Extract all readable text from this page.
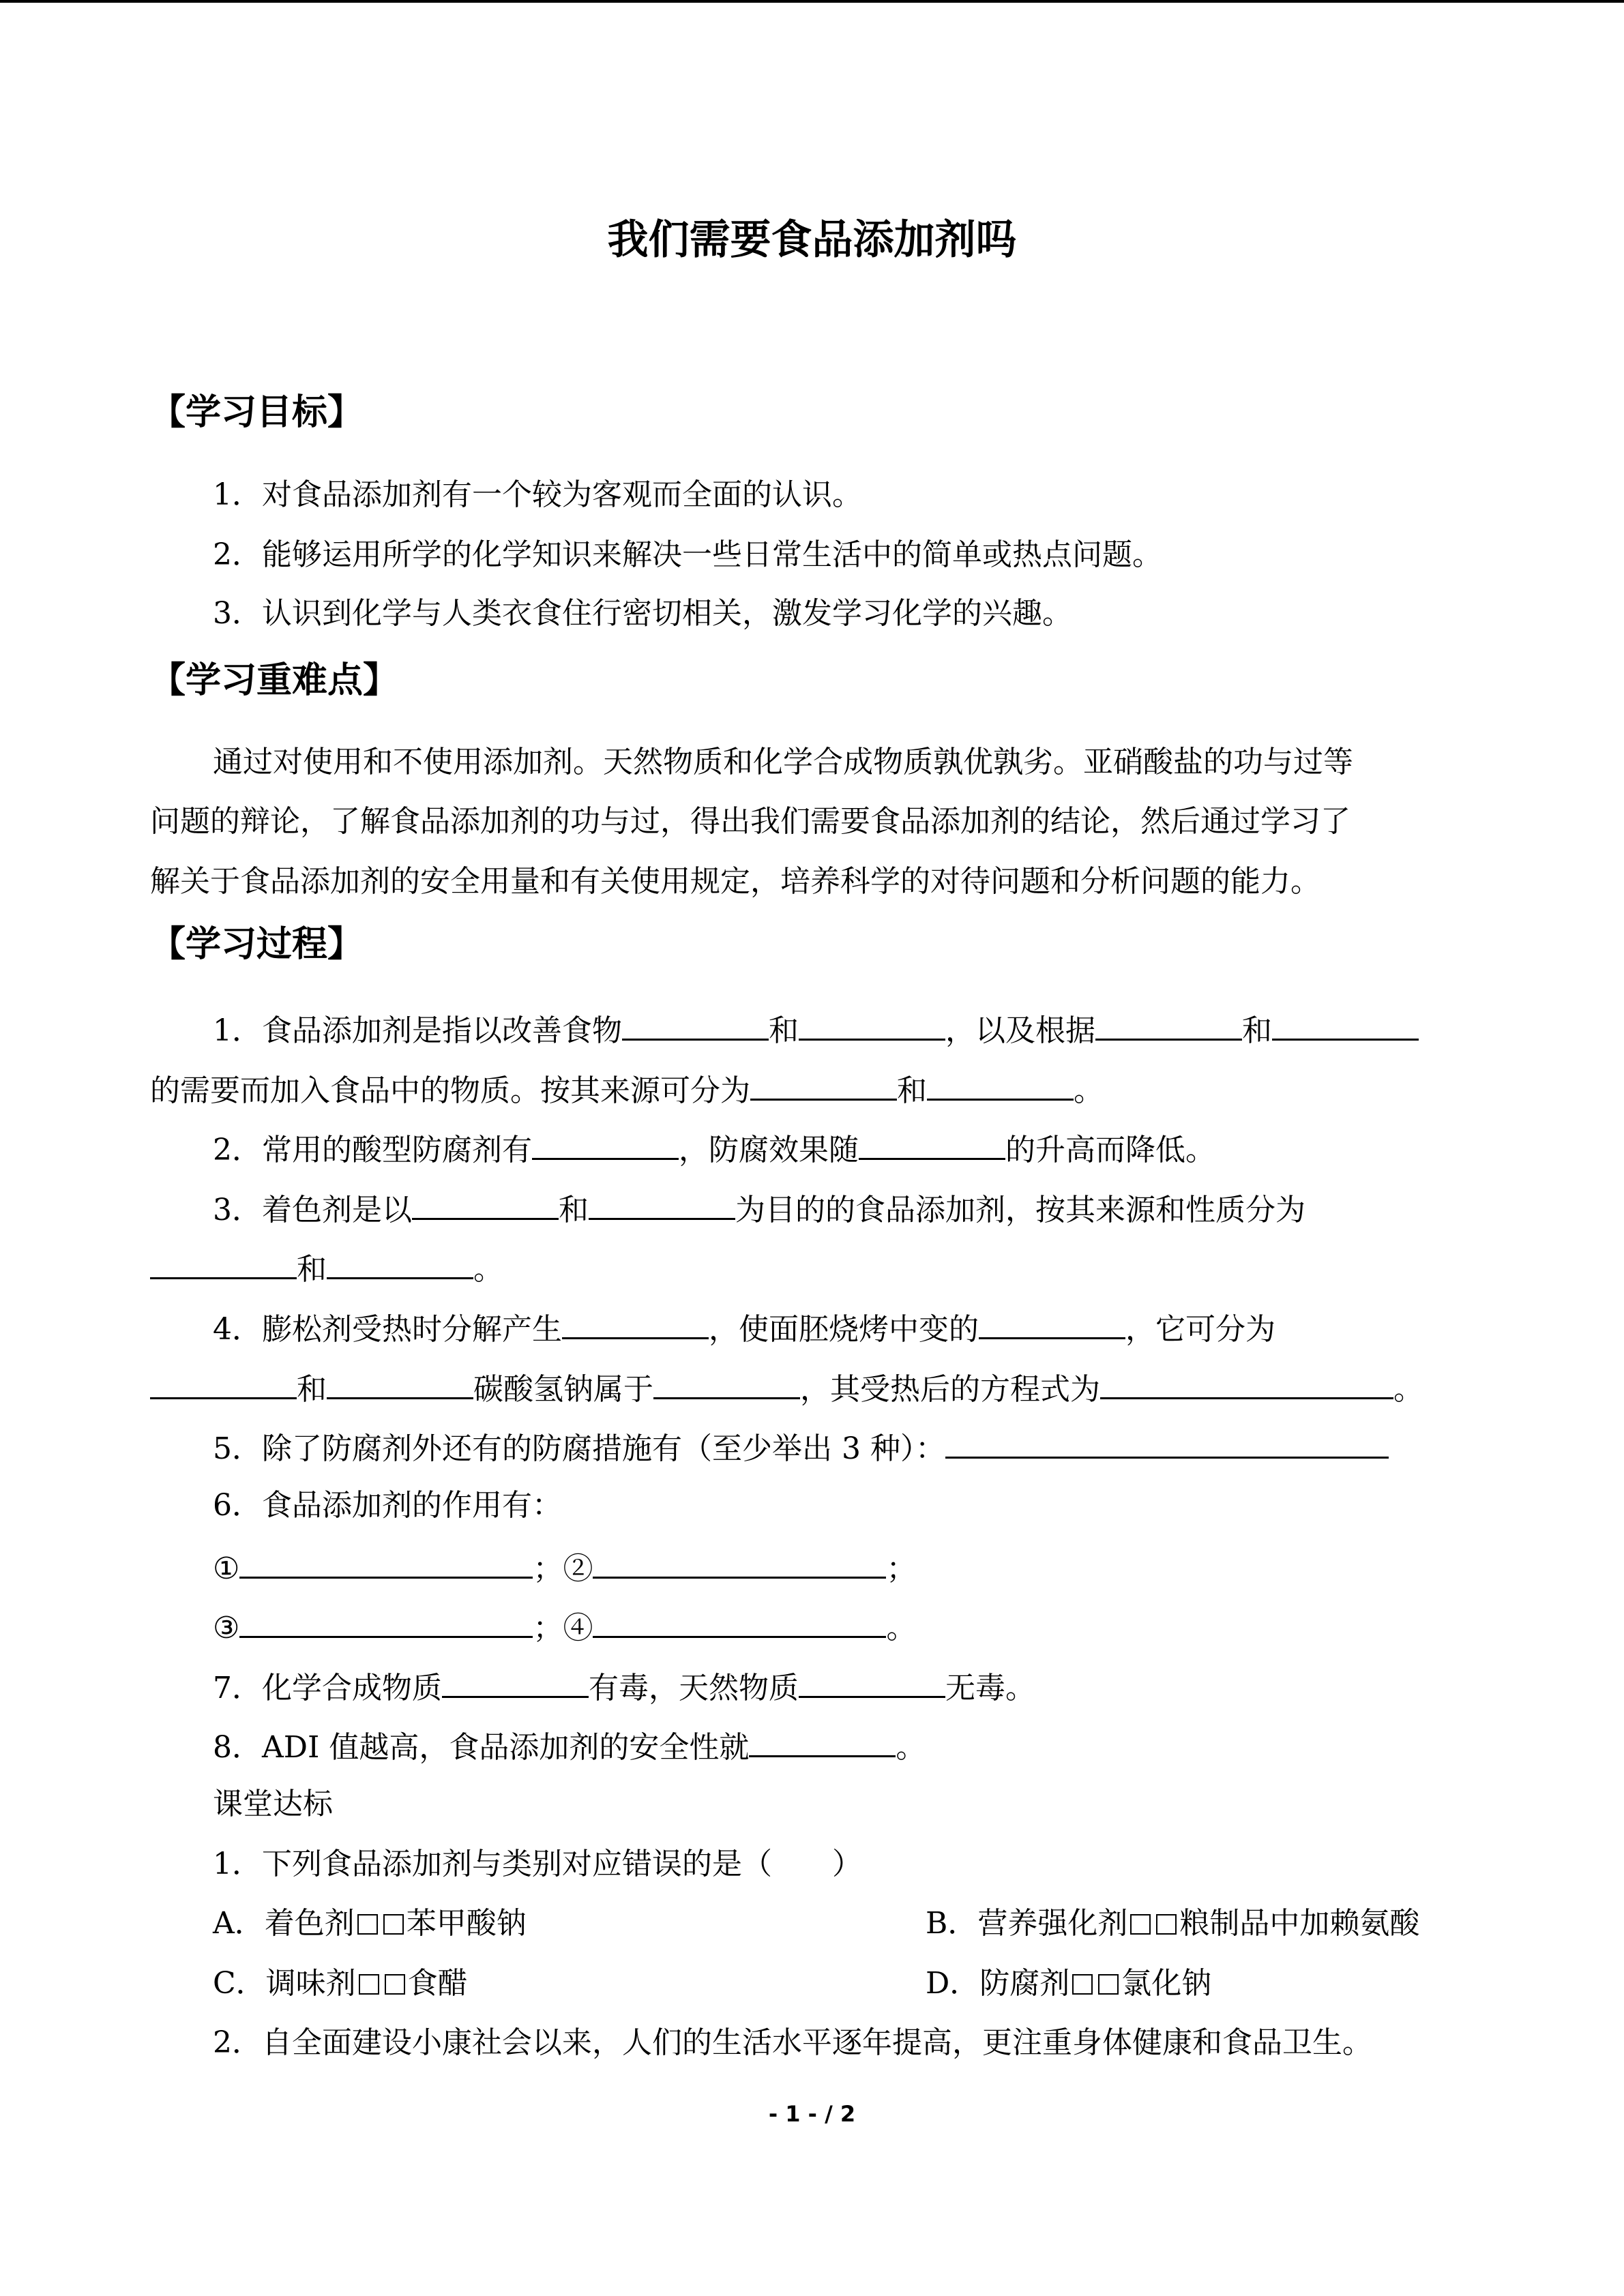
我们需要食品添加剂吗
【学习目标】
1．对食品添加剂有一个较为客观而全面的认识。
2．能够运用所学的化学知识来解决一些日常生活中的简单或热点问题。
3．认识到化学与人类衣食住行密切相关，激发学习化学的兴趣。
【学习重难点】
通过对使用和不使用添加剂。天然物质和化学合成物质孰优孰劣。亚硝酸盐的功与过等
问题的辩论，了解食品添加剂的功与过，得出我们需要食品添加剂的结论，然后通过学习了
解关于食品添加剂的安全用量和有关使用规定，培养科学的对待问题和分析问题的能力。
【学习过程】
1．食品添加剂是指以改善食物	和	，以及根据	和
的需要而加入食品中的物质。按其来源可分为	和	。
2．常用的酸型防腐剂有	，防腐效果随	的升高而降低。
3．着色剂是以	和	为目的的食品添加剂，按其来源和性质分为
和	。
4．膨松剂受热时分解产生	，使面胚烧烤中变的	，它可分为
和	碳酸氢钠属于	，其受热后的方程式为	。
5．除了防腐剂外还有的防腐措施有（至少举出 3 种）：
6．食品添加剂的作用有：
①	；②	；
③	；④	。
7．化学合成物质	有毒，天然物质	无毒。
8．ADI 值越高，食品添加剂的安全性就	。
课堂达标
1．下列食品添加剂与类别对应错误的是（　　）
A．着色剂 苯甲酸钠	B．营养强化剂 粮制品中加赖氨酸
C．调味剂 食醋	D．防腐剂 氯化钠
2．自全面建设小康社会以来，人们的生活水平逐年提高，更注重身体健康和食品卫生。
- 1 - / 2
